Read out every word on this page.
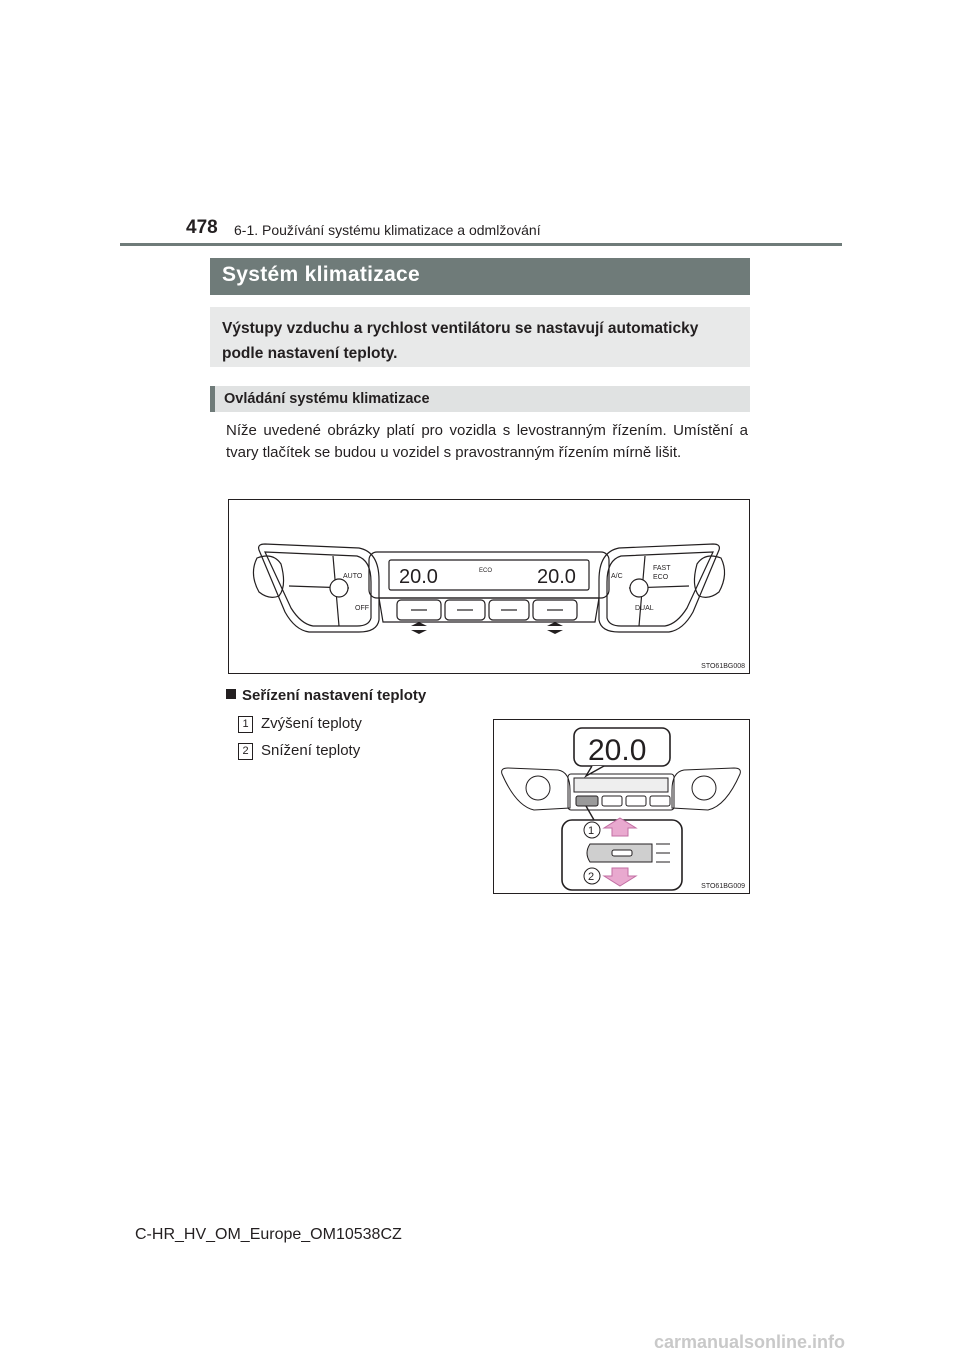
478 6-1. Používání systému klimatizace a odmlžování
Systém klimatizace
Výstupy vzduchu a rychlost ventilátoru se nastavují automaticky podle nastavení teploty.
Ovládání systému klimatizace
Níže uvedené obrázky platí pro vozidla s levostranným řízením. Umístění a tvary tlačítek se budou u vozidel s pravostranným řízením mírně lišit.
20.0	20.0
ECO
AUTO
OFF
A/C
FAST
ECO
DUAL
STO61BG008
Seřízení nastavení teploty
1 Zvýšení teploty
2 Snížení teploty	20.0
1
2
STO61BG009
C-HR_HV_OM_Europe_OM10538CZ
carmanualsonline.info
